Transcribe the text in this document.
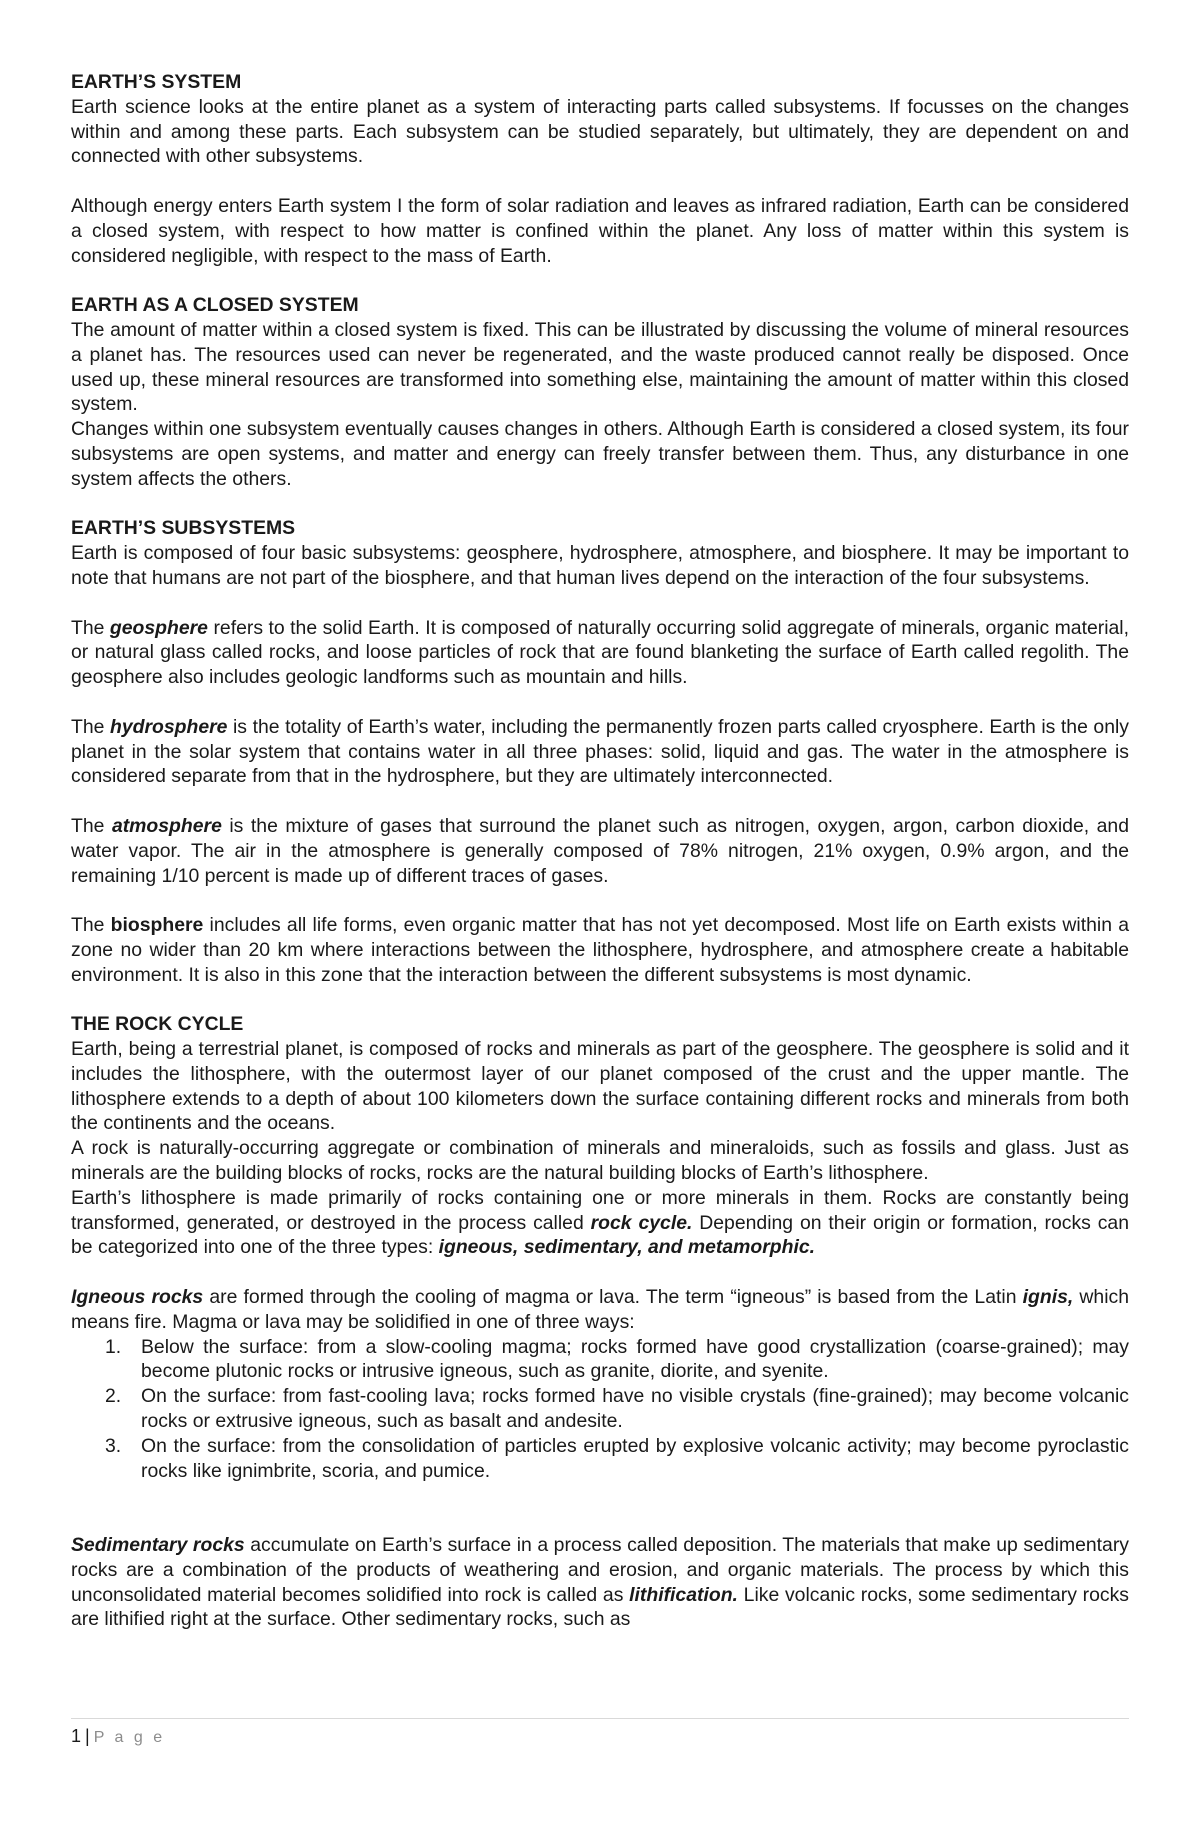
EARTH’S SYSTEM

Earth science looks at the entire planet as a system of interacting parts called subsystems. If focusses on the changes within and among these parts. Each subsystem can be studied separately, but ultimately, they are dependent on and connected with other subsystems.

Although energy enters Earth system I the form of solar radiation and leaves as infrared radiation, Earth can be considered a closed system, with respect to how matter is confined within the planet. Any loss of matter within this system is considered negligible, with respect to the mass of Earth.

EARTH AS A CLOSED SYSTEM

The amount of matter within a closed system is fixed. This can be illustrated by discussing the volume of mineral resources a planet has. The resources used can never be regenerated, and the waste produced cannot really be disposed. Once used up, these mineral resources are transformed into something else, maintaining the amount of matter within this closed system.

Changes within one subsystem eventually causes changes in others. Although Earth is considered a closed system, its four subsystems are open systems, and matter and energy can freely transfer between them. Thus, any disturbance in one system affects the others.

EARTH’S SUBSYSTEMS

Earth is composed of four basic subsystems: geosphere, hydrosphere, atmosphere, and biosphere. It may be important to note that humans are not part of the biosphere, and that human lives depend on the interaction of the four subsystems.

The geosphere refers to the solid Earth. It is composed of naturally occurring solid aggregate of minerals, organic material, or natural glass called rocks, and loose particles of rock that are found blanketing the surface of Earth called regolith. The geosphere also includes geologic landforms such as mountain and hills.

The hydrosphere is the totality of Earth’s water, including the permanently frozen parts called cryosphere. Earth is the only planet in the solar system that contains water in all three phases: solid, liquid and gas. The water in the atmosphere is considered separate from that in the hydrosphere, but they are ultimately interconnected.

The atmosphere is the mixture of gases that surround the planet such as nitrogen, oxygen, argon, carbon dioxide, and water vapor. The air in the atmosphere is generally composed of 78% nitrogen, 21% oxygen, 0.9% argon, and the remaining 1/10 percent is made up of different traces of gases.

The biosphere includes all life forms, even organic matter that has not yet decomposed. Most life on Earth exists within a zone no wider than 20 km where interactions between the lithosphere, hydrosphere, and atmosphere create a habitable environment. It is also in this zone that the interaction between the different subsystems is most dynamic.

THE ROCK CYCLE

Earth, being a terrestrial planet, is composed of rocks and minerals as part of the geosphere. The geosphere is solid and it includes the lithosphere, with the outermost layer of our planet composed of the crust and the upper mantle. The lithosphere extends to a depth of about 100 kilometers down the surface containing different rocks and minerals from both the continents and the oceans.

A rock is naturally-occurring aggregate or combination of minerals and mineraloids, such as fossils and glass. Just as minerals are the building blocks of rocks, rocks are the natural building blocks of Earth’s lithosphere.

Earth’s lithosphere is made primarily of rocks containing one or more minerals in them. Rocks are constantly being transformed, generated, or destroyed in the process called rock cycle. Depending on their origin or formation, rocks can be categorized into one of the three types: igneous, sedimentary, and metamorphic.

Igneous rocks are formed through the cooling of magma or lava. The term “igneous” is based from the Latin ignis, which means fire. Magma or lava may be solidified in one of three ways:

1. Below the surface: from a slow-cooling magma; rocks formed have good crystallization (coarse-grained); may become plutonic rocks or intrusive igneous, such as granite, diorite, and syenite.
2. On the surface: from fast-cooling lava; rocks formed have no visible crystals (fine-grained); may become volcanic rocks or extrusive igneous, such as basalt and andesite.
3. On the surface: from the consolidation of particles erupted by explosive volcanic activity; may become pyroclastic rocks like ignimbrite, scoria, and pumice.

Sedimentary rocks accumulate on Earth’s surface in a process called deposition. The materials that make up sedimentary rocks are a combination of the products of weathering and erosion, and organic materials. The process by which this unconsolidated material becomes solidified into rock is called as lithification. Like volcanic rocks, some sedimentary rocks are lithified right at the surface. Other sedimentary rocks, such as

1 | P a g e
